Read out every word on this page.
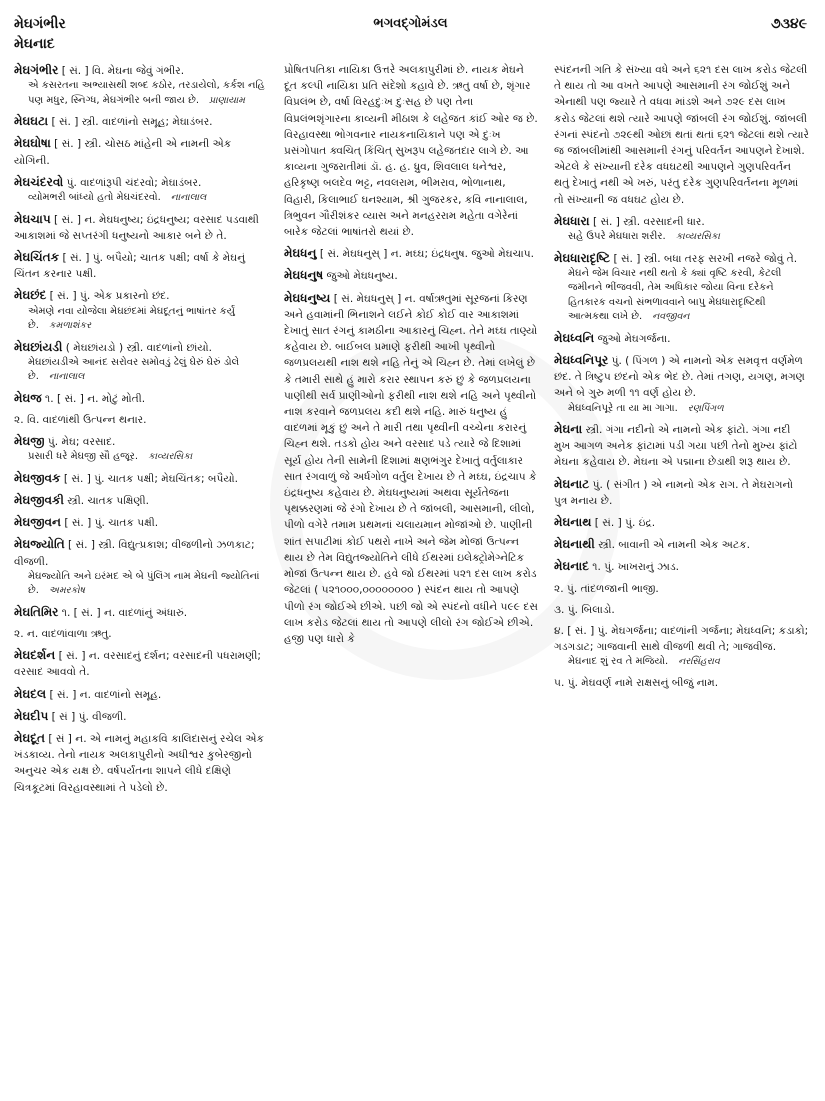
મેઘગંભીર
મેઘનાદ
ભગવદ્ગોમંડલ	૭૩૪૯
મેઘગંભીર [ સં. ] વિ. મેઘના જેવું ગંભીર.
એ કસરતના અભ્યાસથી શબ્દ કઠોર, તરડાયેલો, કર્કશ નહિ પણ મધુર, સ્નિગ્ધ, મેઘગંભીર બની જાય છે. પ્રાણાયામ
મેઘઘટા [ સં. ] સ્ત્રી. વાદળાંનો સમૂહ; મેઘાડંબર.
મેઘઘોષા [ સં. ] સ્ત્રી. ચોસઠ માંહેની એ નામની એક યોગિની.
મેઘચંદરવો પું. વાદળાંરૂપી ચંદરવો; મેઘાડંબર.
વ્યોમભરી બાંધ્યો હતો મેઘચંદરવો. નાનાલાલ
મેઘચાપ [ સં. ] ન. મેઘધનુષ્ય; ઇંદ્રધનુષ્ય; વરસાદ પડવાથી આકાશમાં જે સપ્તરંગી ધનુષ્યનો આકાર બને છે તે.
મેઘચિંતક [ સં. ] પું. બપૈયો; ચાતક પક્ષી; વર્ષા કે મેઘનું ચિંતન કરનાર પક્ષી.
મેઘછંદ [ સં. ] પું. એક પ્રકારનો છંદ.
એમણે નવા યોજેલા મેઘછંદમાં મેઘદૂતનું ભાષાંતર કર્યું છે. કમળાશંકર
મેઘછાંયડી ( મેઘછાંયડો ) સ્ત્રી. વાદળાંનો છાંયો.
મેઘછાંયડીએ આનંદ સરોવર સમોવડું ઢેલું ઘેરું ઘેરું ડોલે છે. નાનાલાલ
મેઘજ ૧. [ સં. ] ન. મોટું મોતી.
૨. વિ. વાદળાંથી ઉત્પન્ન થનાર.
મેઘજી પું. મેઘ; વરસાદ.
પ્રસારી ધરે મેઘજી સૌ હજૂર. કાવ્યરસિકા
મેઘજીવક [ સં. ] પું. ચાતક પક્ષી; મેઘચિંતક; બપૈયો.
મેઘજીવકી સ્ત્રી. ચાતક પક્ષિણી.
મેઘજીવન [ સં. ] પું. ચાતક પક્ષી.
મેઘજ્યોતિ [ સં. ] સ્ત્રી. વિદ્યુત્પ્રકાશ; વીજળીનો ઝળકાટ; વીજળી.
મેઘજ્યોતિ અને ઇરંમદ એ બે પુંલિંગ નામ મેઘની જ્યોતિનાં છે. અમરકોષ
મેઘતિમિર ૧. [ સં. ] ન. વાદળાંનું અંધારું.
૨. ન. વાદળાંવાળા ઋતુ.
મેઘદર્શન [ સં. ] ન. વરસાદનું દર્શન; વરસાદની પધરામણી; વરસાદ આવવો તે.
મેઘદલ [ સં. ] ન. વાદળાંનો સમૂહ.
મેઘદીપ [ સં ] પું. વીજળી.
મેઘદૂત [ સં ] ન. એ નામનું મહાકવિ કાલિદાસનું રચેલ એક ખંડકાવ્ય. તેનો નાયક અલકાપુરીનો અધીશ્વર કુબેરજીનો અનુચર એક યક્ષ છે. વર્ષપર્યંતના શાપને લીધે દક્ષિણે ચિત્રકૂટમાં વિરહાવસ્થામાં તે પડેલો છે.
પ્રોષિતપતિકા નાયિકા ઉત્તરે અલકાપુરીમાં છે. નાયક મેઘને દૂત કલ્પી નાયિકા પ્રતિ સંદેશો કહાવે છે. ઋતુ વર્ષા છે, શૃંગાર વિપ્રલંભ છે, વર્ષા વિરહદુઃખ દુઃસહ છે પણ તેના વિપ્રલંભશૃંગારના કાવ્યની મીઠાશ કે લહેજત કાંઈ ઓર જ છે. વિરહાવસ્થા ભોગવનાર નાયકનાયિકાને પણ એ દુઃખ પ્રસંગોપાત ક્વચિત્ કિંચિત્ સુખરૂપ લહેજતદાર લાગે છે. આ કાવ્યના ગુજરાતીમાં ડૉ. હ. હ. ધ્રુવ, શિવલાલ ધનેશ્વર, હરિકૃષ્ણ બલદેવ ભટ્ટ, નવલરામ, ભીમરાવ, ભોળાનાથ, વિહારી, કિલાભાઈ ઘનશ્યામ, શ્રી ગુજરકર, કવિ નાનાલાલ, ત્રિભુવન ગૌરીશંકર વ્યાસ અને મનહરરામ મહેતા વગેરેનાં બારેક જેટલાં ભાષાંતરો થયાં છે.
મેઘધનુ [ સં. મેઘધનુસ્ ] ન. મઘ્ઘ; ઇંદ્રધનુષ. જુઓ મેઘચાપ.
મેઘધનુષ જુઓ મેઘધનુષ્ય.
મેઘધનુષ્ય [ સં. મેઘધનુસ્ ] ન. વર્ષાઋતુમાં સૂરજનાં કિરણ અને હવામાંની ભિનાશને લઈને કોઈ કોઈ વાર આકાશમાં દેખાતું સાત રંગનું કામઠીના આકારનું ચિહ્ન. તેને મઘ્ઘ તાણ્યો કહેવાય છે. બાઈબલ પ્રમાણે ફરીથી આખી પૃથ્વીનો જળપ્રલયથી નાશ થશે નહિ તેનું એ ચિહ્ન છે. તેમાં લખેલું છે કે તમારી સાથે હું મારો કરાર સ્થાપન કરું છું કે જળપ્રલયના પાણીથી સર્વ પ્રાણીઓનો ફરીથી નાશ થશે નહિ અને પૃથ્વીનો નાશ કરવાને જળપ્રલય કદી થશે નહિ. મારું ધનુષ્ય હું વાદળમાં મૂકું છું અને તે મારી તથા પૃથ્વીની વચ્ચેના કરારનું ચિહ્ન થશે. તડકો હોય અને વરસાદ પડે ત્યારે જે દિશામાં સૂર્ય હોય તેની સામેની દિશામાં ક્ષણભંગુર દેખાતું વર્તુલાકાર સાત રંગવાળું જે અર્ધગોળ વર્તુલ દેખાય છે તે મઘ્ઘ, ઇંદ્રચાપ કે ઇંદ્રધનુષ્ય કહેવાય છે. મેઘધનુષ્યમાં અથવા સૂર્યતેજના પૃથક્કરણમાં જે રંગો દેખાય છે તે જાંબલી, આસમાની, લીલો, પીળો વગેરે તમામ પ્રથમનાં ચલાયમાન મોજાંઓ છે. પાણીની શાંત સપાટીમાં કોઈ પથરો નાખે અને જેમ મોજાં ઉત્પન્ન થાય છે તેમ વિદ્યુતજ્યોતિને લીધે ઈથરમાં ઇલેક્ટ્રોમેગ્નેટિક મોજાં ઉત્પન્ન થાય છે. હવે જો ઈથરમાં ૫૨૧ દસ લાખ કરોડ જેટલાં ( ૫૨૧૦૦૦,૦૦૦૦૦૦૦૦ ) સ્પંદન થાય તો આપણે પીળો રંગ જોઈએ છીએ. પછી જો એ સ્પંદનો વધીને ૫૯૯ દસ લાખ કરોડ જેટલાં થાય તો આપણે લીલો રંગ જોઈએ છીએ. હજી પણ ધારો કે
સ્પંદનની ગતિ કે સંખ્યા વધે અને ૬૨૧ દસ લાખ કરોડ જેટલી તે થાય તો આ વખતે આપણે આસમાની રંગ જોઈશું અને એનાથી પણ જ્યારે તે વધવા માંડશે અને ૭૨૯ દસ લાખ કરોડ જેટલાં થશે ત્યારે આપણે જાંબલી રંગ જોઈશું. જાંબલી રંગનાં સ્પંદનો ૭૨૯થી ઓછાં થતાં થતાં ૬૨૧ જેટલાં થશે ત્યારે જ જાંબલીમાંથી આસમાની રંગનું પરિવર્તન આપણને દેખાશે. એટલે કે સંખ્યાની દરેક વધઘટથી આપણને ગુણપરિવર્તન થતું દેખાતું નથી એ ખરું, પરંતુ દરેક ગુણપરિવર્તનના મૂળમાં તો સંખ્યાની જ વધઘટ હોય છે.
મેઘધારા [ સં. ] સ્ત્રી. વરસાદની ધાર.
સહે ઉપરે મેઘધારા શરીર. કાવ્યરસિકા
મેઘધારાદૃષ્ટિ [ સં. ] સ્ત્રી. બધા તરફ સરખી નજરે જોવું તે.
મેઘને જેમ વિચાર નથી થતો કે ક્યાં વૃષ્ટિ કરવી, કેટલી જમીનને ભીંજવવી, તેમ અધિકાર જોયા વિના દરેકને હિતકારક વચનો સંભળાવવાને બાપુ મેઘધારાદૃષ્ટિથી આત્મકથા લખે છે. નવજીવન
મેઘધ્વનિ જુઓ મેઘગર્જના.
મેઘધ્વનિપૂર પું. ( પિંગળ ) એ નામનો એક સમવૃત્ત વર્ણમેળ છંદ. તે ત્રિષ્ટુપ છંદનો એક ભેદ છે. તેમાં તગણ, યગણ, મગણ અને બે ગુરુ મળી ૧૧ વર્ણ હોય છે.
મેઘધ્વનિપૂરે તા યા મા ગાગા. રણપિંગળ
મેઘના સ્ત્રી. ગંગા નદીનો એ નામનો એક ફાંટો. ગંગા નદી મુખ આગળ અનેક ફાંટામાં પડી ગયા પછી તેનો મુખ્ય ફાંટો મેઘના કહેવાય છે. મેઘના એ પદ્માના છેડાથી શરૂ થાય છે.
મેઘનાટ પું. ( સંગીત ) એ નામનો એક રાગ. તે મેઘરાગનો પુત્ર મનાય છે.
મેઘનાથ [ સં. ] પું. ઇંદ્ર.
મેઘનાથી સ્ત્રી. બાવાની એ નામની એક અટક.
મેઘનાદ ૧. પું. ખાખરાનું ઝાડ.
૨. પું. તાંદળજાની ભાજી.
૩. પું. બિલાડો.
૪. [ સં. ] પું. મેઘગર્જના; વાદળાંની ગર્જના; મેઘધ્વનિ; કડાકો; ગડગડાટ; ગાજવાની સાથે વીજળી થવી તે; ગાજવીજ.
મેઘનાદ શું રવ તે મજિયો. નરસિંહરાવ
૫. પું. મેઘવર્ણ નામે રાક્ષસનું બીજું નામ.
